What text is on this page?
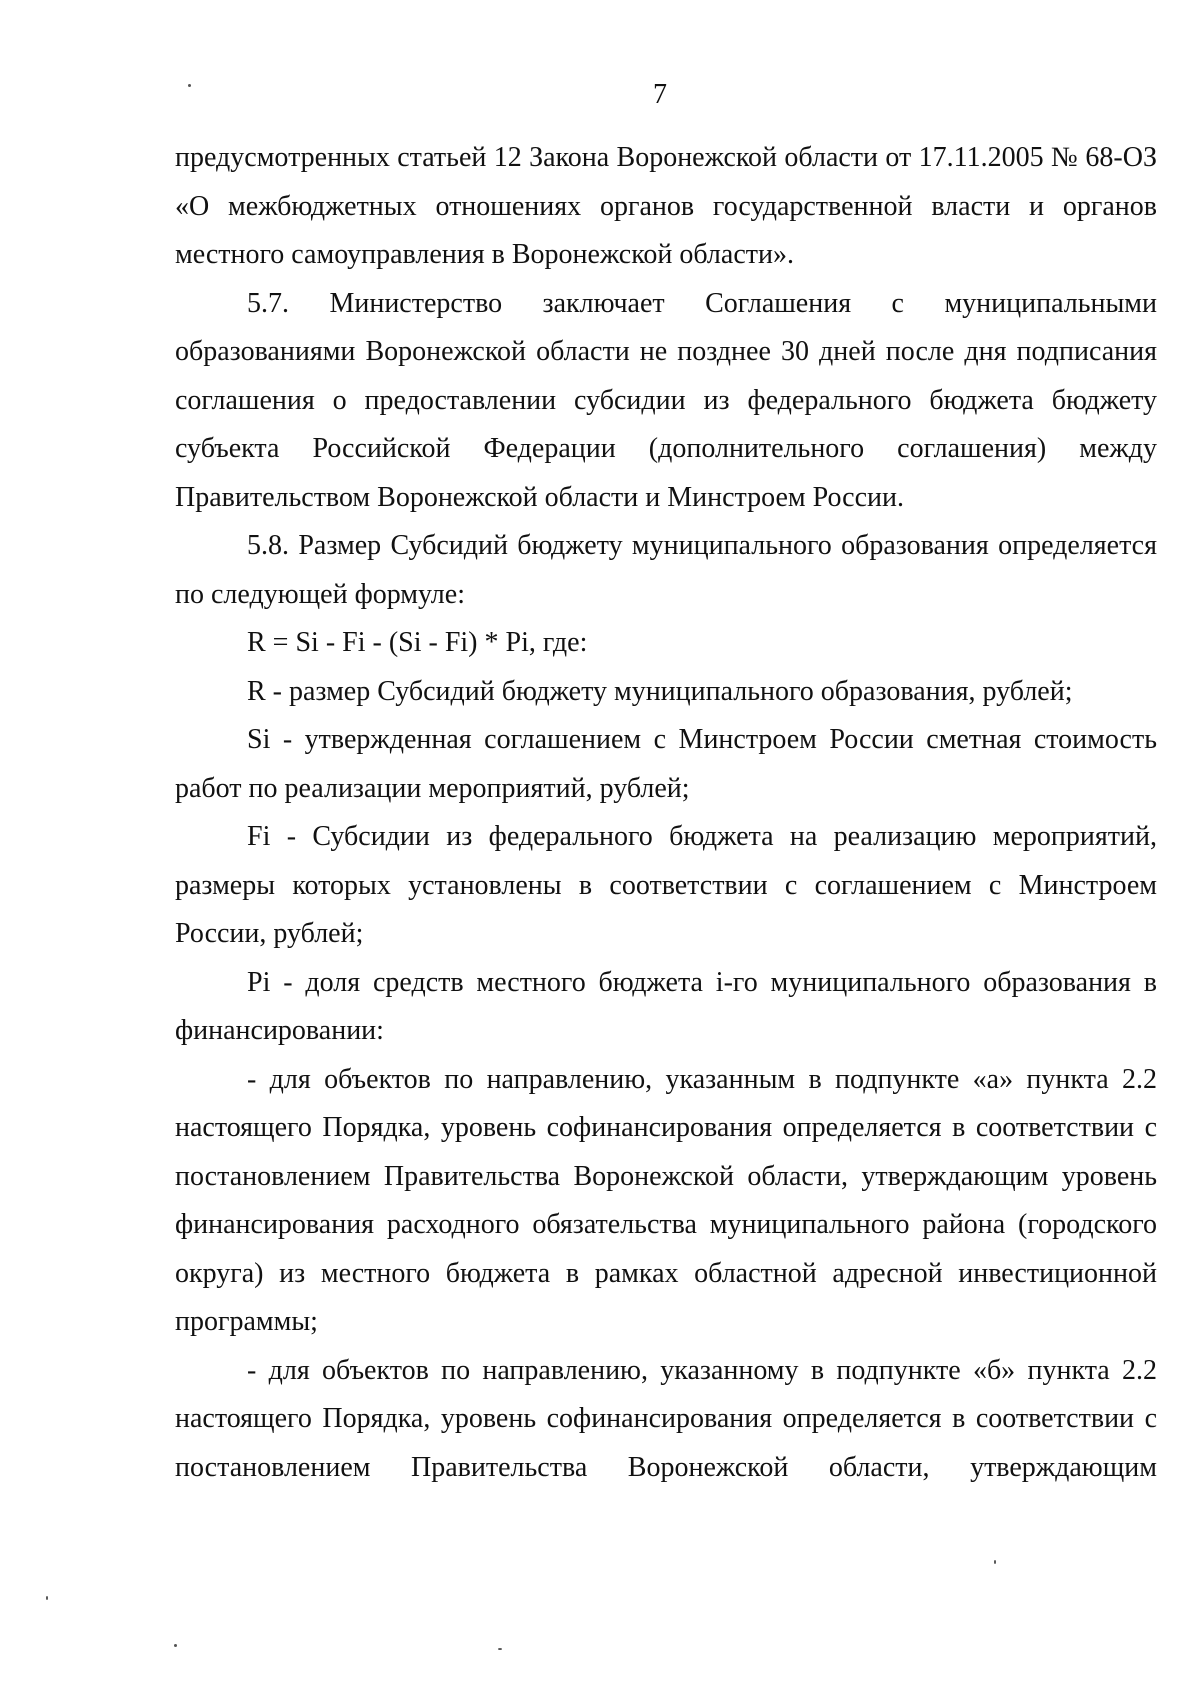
7

предусмотренных статьей 12 Закона Воронежской области от 17.11.2005 № 68-ОЗ «О межбюджетных отношениях органов государственной власти и органов местного самоуправления в Воронежской области».

5.7. Министерство заключает Соглашения с муниципальными образованиями Воронежской области не позднее 30 дней после дня подписания соглашения о предоставлении субсидии из федерального бюджета бюджету субъекта Российской Федерации (дополнительного соглашения) между Правительством Воронежской области и Минстроем России.

5.8. Размер Субсидий бюджету муниципального образования определяется по следующей формуле:

R = Si - Fi - (Si - Fi) * Pi, где:

R - размер Субсидий бюджету муниципального образования, рублей;

Si - утвержденная соглашением с Минстроем России сметная стоимость работ по реализации мероприятий, рублей;

Fi - Субсидии из федерального бюджета на реализацию мероприятий, размеры которых установлены в соответствии с соглашением с Минстроем России, рублей;

Pi - доля средств местного бюджета i-го муниципального образования в финансировании:

- для объектов по направлению, указанным в подпункте «а» пункта 2.2 настоящего Порядка, уровень софинансирования определяется в соответствии с постановлением Правительства Воронежской области, утверждающим уровень финансирования расходного обязательства муниципального района (городского округа) из местного бюджета в рамках областной адресной инвестиционной программы;

- для объектов по направлению, указанному в подпункте «б» пункта 2.2 настоящего Порядка, уровень софинансирования определяется в соответствии с постановлением Правительства Воронежской области, утверждающим
